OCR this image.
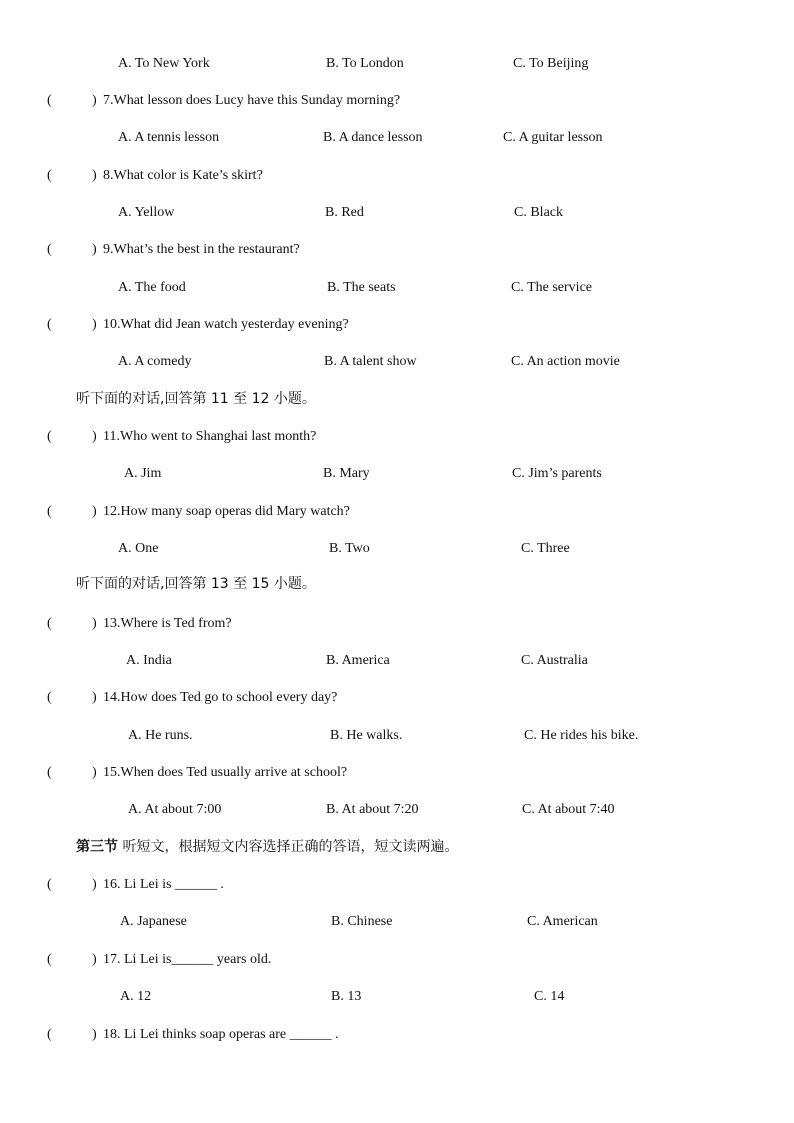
A. To New York	B. To London	C. To Beijing
(	) 7.What lesson does Lucy have this Sunday morning?
A. A tennis lesson	B. A dance lesson	C. A guitar lesson
(	) 8.What color is Kate’s skirt?
A. Yellow	B. Red	C. Black
(	) 9.What’s the best in the restaurant?
A. The food	B. The seats	C. The service
(	) 10.What did Jean watch yesterday evening?
A. A comedy	B. A talent show	C. An action movie
听下面的对话,回答第 11 至 12 小题。
(	) 11.Who went to Shanghai last month?
A. Jim	B. Mary	C. Jim’s parents
(	) 12.How many soap operas did Mary watch?
A. One	B. Two	C. Three
听下面的对话,回答第 13 至 15 小题。
(	) 13.Where is Ted from?
A. India	B. America	C. Australia
(	) 14.How does Ted go to school every day?
A. He runs.	B. He walks.	C. He rides his bike.
(	) 15.When does Ted usually arrive at school?
A. At about 7:00	B. At about 7:20	C. At about 7:40
第三节 听短文，根据短文内容选择正确的答语，短文读两遍。
(	) 16. Li Lei is ______ .
A. Japanese	B. Chinese	C. American
(	) 17. Li Lei is______ years old.
A. 12	B. 13	C. 14
(	) 18. Li Lei thinks soap operas are ______ .
